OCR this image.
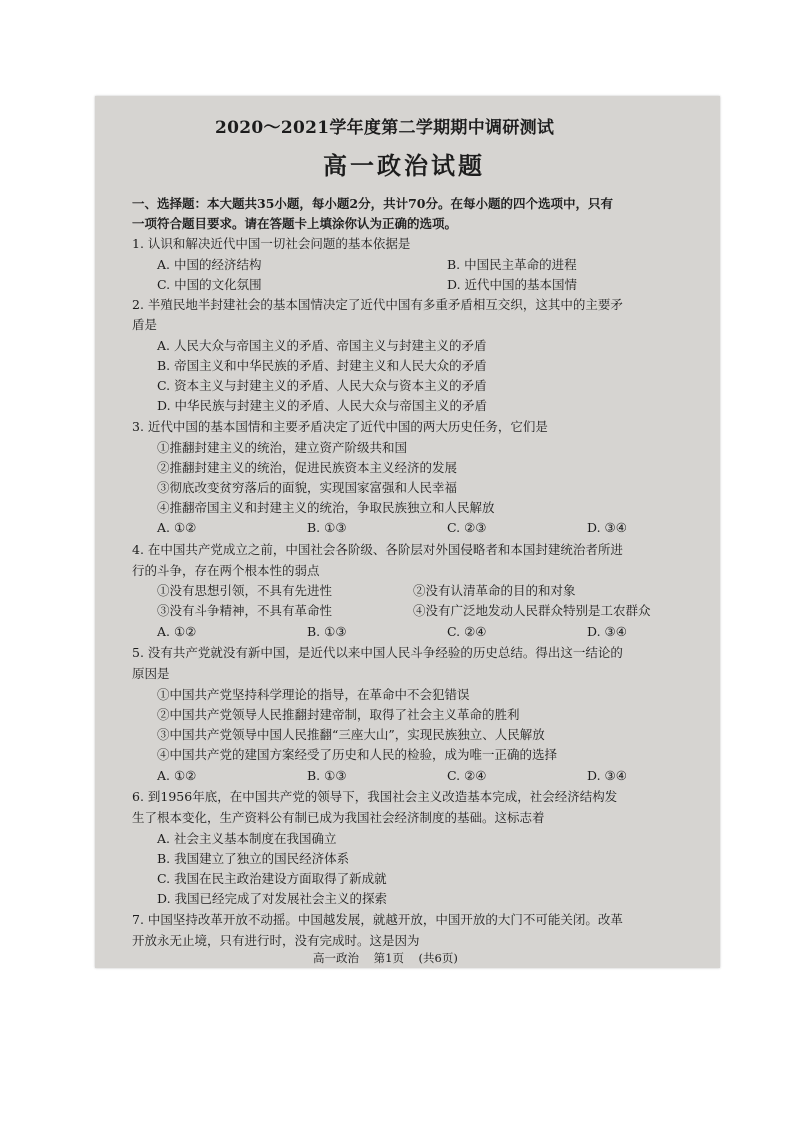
2020～2021学年度第二学期期中调研测试
高一政治试题
一、选择题：本大题共35小题，每小题2分，共计70分。在每小题的四个选项中，只有
一项符合题目要求。请在答题卡上填涂你认为正确的选项。
1. 认识和解决近代中国一切社会问题的基本依据是
A. 中国的经济结构	B. 中国民主革命的进程
C. 中国的文化氛围	D. 近代中国的基本国情
2. 半殖民地半封建社会的基本国情决定了近代中国有多重矛盾相互交织，这其中的主要矛
盾是
A. 人民大众与帝国主义的矛盾、帝国主义与封建主义的矛盾
B. 帝国主义和中华民族的矛盾、封建主义和人民大众的矛盾
C. 资本主义与封建主义的矛盾、人民大众与资本主义的矛盾
D. 中华民族与封建主义的矛盾、人民大众与帝国主义的矛盾
3. 近代中国的基本国情和主要矛盾决定了近代中国的两大历史任务，它们是
①推翻封建主义的统治，建立资产阶级共和国
②推翻封建主义的统治，促进民族资本主义经济的发展
③彻底改变贫穷落后的面貌，实现国家富强和人民幸福
④推翻帝国主义和封建主义的统治，争取民族独立和人民解放
A. ①②	B. ①③	C. ②③	D. ③④
4. 在中国共产党成立之前，中国社会各阶级、各阶层对外国侵略者和本国封建统治者所进
行的斗争，存在两个根本性的弱点
①没有思想引领，不具有先进性	②没有认清革命的目的和对象
③没有斗争精神，不具有革命性	④没有广泛地发动人民群众特别是工农群众
A. ①②	B. ①③	C. ②④	D. ③④
5. 没有共产党就没有新中国，是近代以来中国人民斗争经验的历史总结。得出这一结论的
原因是
①中国共产党坚持科学理论的指导，在革命中不会犯错误
②中国共产党领导人民推翻封建帝制，取得了社会主义革命的胜利
③中国共产党领导中国人民推翻“三座大山”，实现民族独立、人民解放
④中国共产党的建国方案经受了历史和人民的检验，成为唯一正确的选择
A. ①②	B. ①③	C. ②④	D. ③④
6. 到1956年底，在中国共产党的领导下，我国社会主义改造基本完成，社会经济结构发
生了根本变化，生产资料公有制已成为我国社会经济制度的基础。这标志着
A. 社会主义基本制度在我国确立
B. 我国建立了独立的国民经济体系
C. 我国在民主政治建设方面取得了新成就
D. 我国已经完成了对发展社会主义的探索
7. 中国坚持改革开放不动摇。中国越发展，就越开放，中国开放的大门不可能关闭。改革
开放永无止境，只有进行时，没有完成时。这是因为
高一政治    第1页    (共6页)
